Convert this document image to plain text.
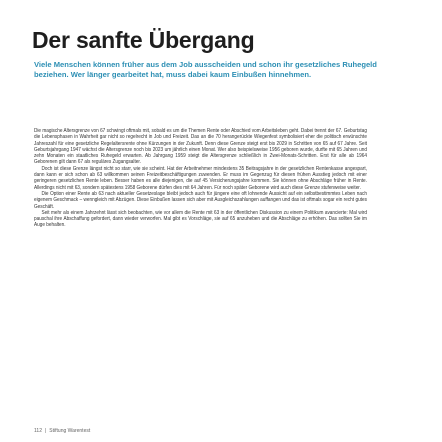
Der sanfte Übergang
Viele Menschen können früher aus dem Job ausscheiden und schon ihr gesetzliches Ruhegeld beziehen. Wer länger gearbeitet hat, muss dabei kaum Einbußen hinnehmen.

Die magische Altersgrenze von 67 schwingt oftmals mit, sobald es um die Themen Rente oder Abschied vom Arbeitsleben geht. Dabei trennt der 67. Geburtstag die Lebensphasen in Wahrheit gar nicht so regelrecht in Job und Freizeit. Das an die 70 herangerückte Wiegenfest symbolisiert eher die politisch erwünschte Jahreszahl für eine gesetzliche Regelaltersrente ohne Kürzungen in der Zukunft. Denn diese Grenze steigt erst bis 2029 in Schritten von 65 auf 67 Jahre. Seit Geburtsjahrgang 1947 wächst die Altersgrenze noch bis 2023 um jährlich einen Monat. Wer also beispielsweise 1956 geboren wurde, durfte mit 65 Jahren und zehn Monaten ein staatliches Ruhegeld erwarten. Ab Jahrgang 1959 steigt die Altersgrenze schließlich in Zwei-Monats-Schritten. Erst für alle ab 1964 Geborenen gilt dann 67 als reguläres Zugangsalter.

Doch ist diese Grenze längst nicht so starr, wie sie scheint. Hat der Arbeitnehmer mindestens 35 Beitragsjahre in der gesetzlichen Rentenkasse angespart, dann kann er sich schon ab 63 willkommen seinen Freizeitbeschäftigungen zuwenden. Er muss im Gegenzug für diesen frühen Ausstieg jedoch mit einer geringeren gesetzlichen Rente leben. Besser haben es alle diejenigen, die auf 45 Versicherungsjahre kommen. Sie können ohne Abschläge früher in Rente. Allerdings nicht mit 63, sondern spätestens 1958 Geborene dürfen dies mit 64 Jahren. Für noch später Geborene wird auch diese Grenze stufenweise weiter.

Die Option einer Rente ab 63 nach aktueller Gesetzeslage bleibt jedoch auch für jüngere eine oft lohnende Aussicht auf ein selbstbestimmtes Leben nach eigenem Geschmack – wenngleich mit Abzügen. Diese Einbußen lassen sich aber mit Ausgleichszahlungen auffangen und das ist oftmals sogar ein recht gutes Geschäft.

Seit mehr als einem Jahrzehnt lässt sich beobachten, wie vor allem die Rente mit 63 in der öffentlichen Diskussion zu einem Politikum avancierte: Mal wird pauschal ihre Abschaffung gefordert, dann wieder verworfen. Mal gibt es Vorschläge, sie auf 65 anzuheben und die Abschläge zu erhöhen. Das sollten Sie im Auge behalten.

112 | Stiftung Warentest
